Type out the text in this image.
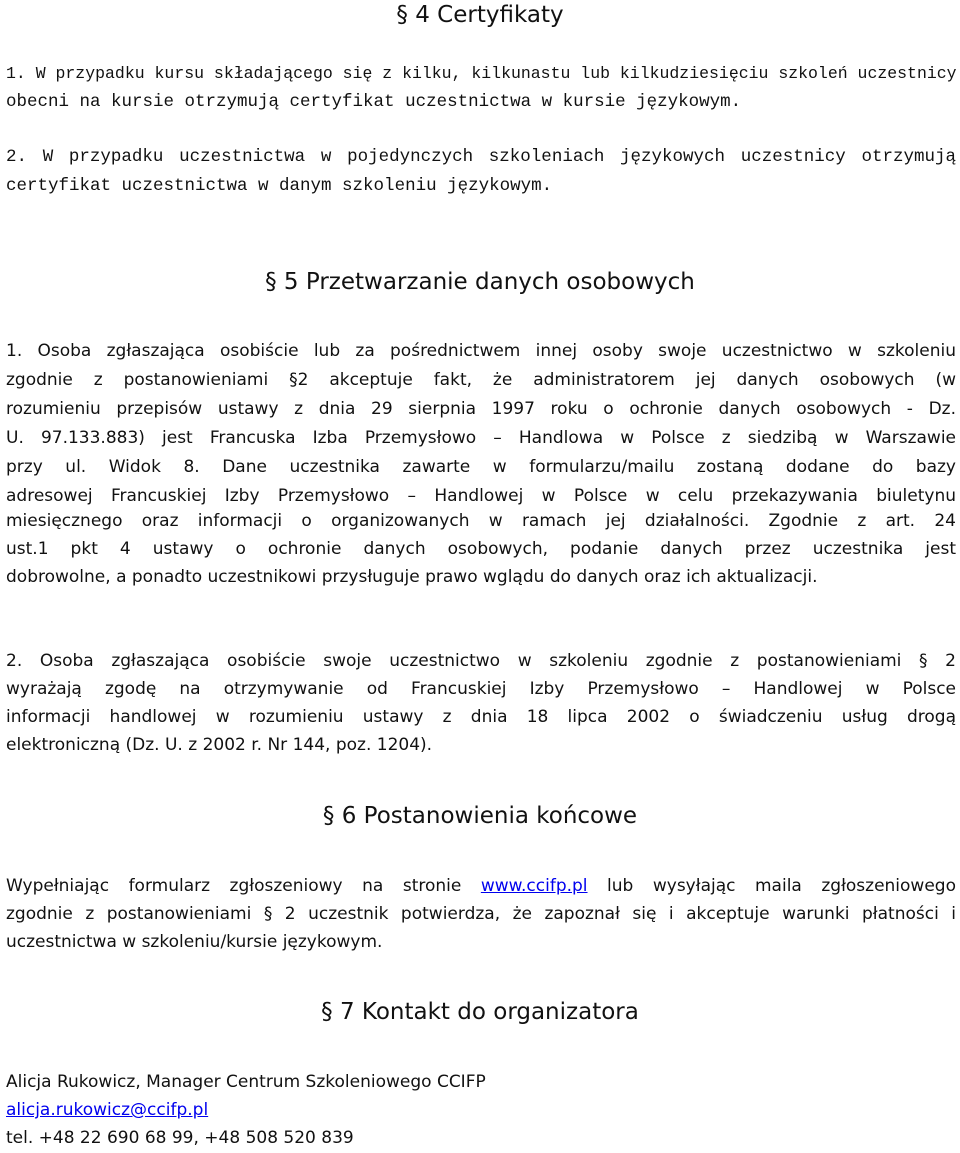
§ 4 Certyfikaty
1. W przypadku kursu składającego się z kilku, kilkunastu lub kilkudziesięciu szkoleń uczestnicy
obecni na kursie otrzymują certyfikat uczestnictwa w kursie językowym.
2. W przypadku uczestnictwa w pojedynczych szkoleniach językowych uczestnicy otrzymują
certyfikat uczestnictwa w danym szkoleniu językowym.
§ 5 Przetwarzanie danych osobowych
1. Osoba zgłaszająca osobiście lub za pośrednictwem innej osoby swoje uczestnictwo w szkoleniu
zgodnie z postanowieniami §2 akceptuje fakt, że administratorem jej danych osobowych (w
rozumieniu przepisów ustawy z dnia 29 sierpnia 1997 roku o ochronie danych osobowych - Dz.
U. 97.133.883) jest Francuska Izba Przemysłowo – Handlowa w Polsce z siedzibą w Warszawie
przy ul. Widok 8. Dane uczestnika zawarte w formularzu/mailu zostaną dodane do bazy
adresowej Francuskiej Izby Przemysłowo – Handlowej w Polsce w celu przekazywania biuletynu
miesięcznego oraz informacji o organizowanych w ramach jej działalności. Zgodnie z art. 24
ust.1 pkt 4 ustawy o ochronie danych osobowych, podanie danych przez uczestnika jest
dobrowolne, a ponadto uczestnikowi przysługuje prawo wglądu do danych oraz ich aktualizacji.
2. Osoba zgłaszająca osobiście swoje uczestnictwo w szkoleniu zgodnie z postanowieniami § 2
wyrażają zgodę na otrzymywanie od Francuskiej Izby Przemysłowo – Handlowej w Polsce
informacji handlowej w rozumieniu ustawy z dnia 18 lipca 2002 o świadczeniu usług drogą
elektroniczną (Dz. U. z 2002 r. Nr 144, poz. 1204).
§ 6 Postanowienia końcowe
Wypełniając formularz zgłoszeniowy na stronie www.ccifp.pl lub wysyłając maila zgłoszeniowego
zgodnie z postanowieniami § 2 uczestnik potwierdza, że zapoznał się i akceptuje warunki płatności i
uczestnictwa w szkoleniu/kursie językowym.
§ 7 Kontakt do organizatora
Alicja Rukowicz, Manager Centrum Szkoleniowego CCIFP
alicja.rukowicz@ccifp.pl
tel. +48 22 690 68 99, +48 508 520 839
